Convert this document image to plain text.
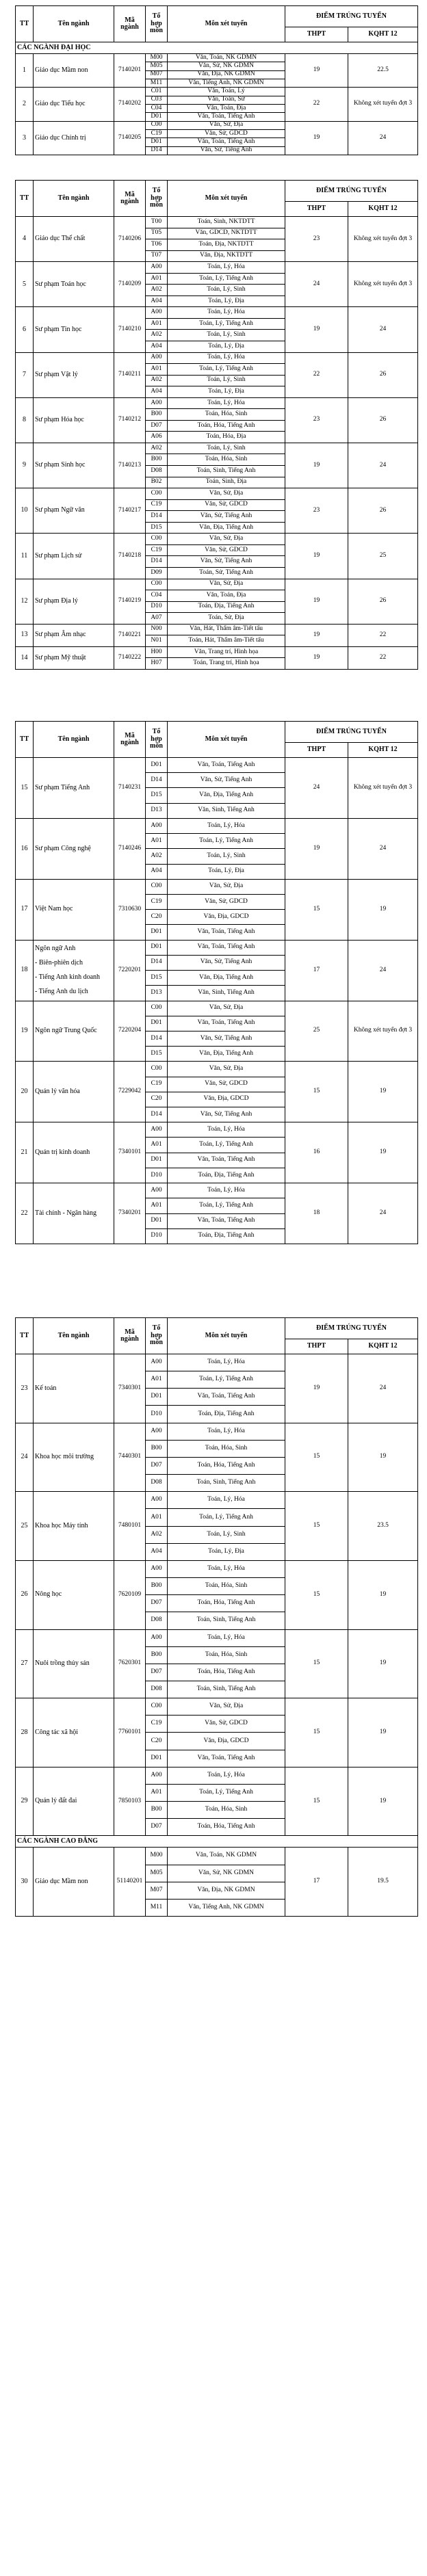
TT	Tên ngành	Mã ngành	Tổ hợp môn	Môn xét tuyển	ĐIỂM TRÚNG TUYỂN	
					THPT	KQHT 12
CÁC NGÀNH ĐẠI HỌC						
1	Giáo dục Mầm non	7140201	M00	Văn, Toán, NK GDMN	19	22.5
			M05	Văn, Sử, NK GDMN		
			M07	Văn, Địa, NK GDMN		
			M11	Văn, Tiếng Anh, NK GDMN		
2	Giáo dục Tiểu học	7140202	C01	Văn, Toán, Lý	22	Không xét tuyển đợt 3
			C03	Văn, Toán, Sử		
			C04	Văn, Toán, Địa		
			D01	Văn, Toán, Tiếng Anh		
3	Giáo dục Chính trị	7140205	C00	Văn, Sử, Địa	19	24
			C19	Văn, Sử, GDCD		
			D01	Văn, Toán, Tiếng Anh		
			D14	Văn, Sử, Tiếng Anh		
TT	Tên ngành	Mã ngành	Tổ hợp môn	Môn xét tuyển	ĐIỂM TRÚNG TUYỂN	
					THPT	KQHT 12
4	Giáo dục Thể chất	7140206	T00	Toán, Sinh, NKTDTT	23	Không xét tuyển đợt 3
			T05	Văn, GDCD, NKTDTT		
			T06	Toán, Địa, NKTDTT		
			T07	Văn, Địa, NKTDTT		
5	Sư phạm Toán học	7140209	A00	Toán, Lý, Hóa	24	Không xét tuyển đợt 3
			A01	Toán, Lý, Tiếng Anh		
			A02	Toán, Lý, Sinh		
			A04	Toán, Lý, Địa		
6	Sư phạm Tin học	7140210	A00	Toán, Lý, Hóa	19	24
			A01	Toán, Lý, Tiếng Anh		
			A02	Toán, Lý, Sinh		
			A04	Toán, Lý, Địa		
7	Sư phạm Vật lý	7140211	A00	Toán, Lý, Hóa	22	26
			A01	Toán, Lý, Tiếng Anh		
			A02	Toán, Lý, Sinh		
			A04	Toán, Lý, Địa		
8	Sư phạm Hóa học	7140212	A00	Toán, Lý, Hóa	23	26
			B00	Toán, Hóa, Sinh		
			D07	Toán, Hóa, Tiếng Anh		
			A06	Toán, Hóa, Địa		
9	Sư phạm Sinh học	7140213	A02	Toán, Lý, Sinh	19	24
			B00	Toán, Hóa, Sinh		
			D08	Toán, Sinh, Tiếng Anh		
			B02	Toán, Sinh, Địa		
10	Sư phạm Ngữ văn	7140217	C00	Văn, Sử, Địa	23	26
			C19	Văn, Sử, GDCD		
			D14	Văn, Sử, Tiếng Anh		
			D15	Văn, Địa, Tiếng Anh		
11	Sư phạm Lịch sử	7140218	C00	Văn, Sử, Địa	19	25
			C19	Văn, Sử, GDCD		
			D14	Văn, Sử, Tiếng Anh		
			D09	Toán, Sử, Tiếng Anh		
12	Sư phạm Địa lý	7140219	C00	Văn, Sử, Địa	19	26
			C04	Văn, Toán, Địa		
			D10	Toán, Địa, Tiếng Anh		
			A07	Toán, Sử, Địa		
13	Sư phạm Âm nhạc	7140221	N00	Văn, Hát, Thẩm âm-Tiết tấu	19	22
			N01	Toán, Hát, Thẩm âm-Tiết tấu		
14	Sư phạm Mỹ thuật	7140222	H00	Văn, Trang trí, Hình họa	19	22
			H07	Toán, Trang trí, Hình họa		
TT	Tên ngành	Mã ngành	Tổ hợp môn	Môn xét tuyển	ĐIỂM TRÚNG TUYỂN	
					THPT	KQHT 12
15	Sư phạm Tiếng Anh	7140231	D01	Văn, Toán, Tiếng Anh	24	Không xét tuyển đợt 3
			D14	Văn, Sử, Tiếng Anh		
			D15	Văn, Địa, Tiếng Anh		
			D13	Văn, Sinh, Tiếng Anh		
16	Sư phạm Công nghệ	7140246	A00	Toán, Lý, Hóa	19	24
			A01	Toán, Lý, Tiếng Anh		
			A02	Toán, Lý, Sinh		
			A04	Toán, Lý, Địa		
17	Việt Nam học	7310630	C00	Văn, Sử, Địa	15	19
			C19	Văn, Sử, GDCD		
			C20	Văn, Địa, GDCD		
			D01	Văn, Toán, Tiếng Anh		
18	Ngôn ngữ Anh

- Biên-phiên dịch

- Tiếng Anh kinh doanh

- Tiếng Anh du lịch	7220201	D01	Văn, Toán, Tiếng Anh	17	24
			D14	Văn, Sử, Tiếng Anh		
			D15	Văn, Địa, Tiếng Anh		
			D13	Văn, Sinh, Tiếng Anh		
19	Ngôn ngữ Trung Quốc	7220204	C00	Văn, Sử, Địa	25	Không xét tuyển đợt 3
			D01	Văn, Toán, Tiếng Anh		
			D14	Văn, Sử, Tiếng Anh		
			D15	Văn, Địa, Tiếng Anh		
20	Quản lý văn hóa	7229042	C00	Văn, Sử, Địa	15	19
			C19	Văn, Sử, GDCD		
			C20	Văn, Địa, GDCD		
			D14	Văn, Sử, Tiếng Anh		
21	Quản trị kinh doanh	7340101	A00	Toán, Lý, Hóa	16	19
			A01	Toán, Lý, Tiếng Anh		
			D01	Văn, Toán, Tiếng Anh		
			D10	Toán, Địa, Tiếng Anh		
22	Tài chính - Ngân hàng	7340201	A00	Toán, Lý, Hóa	18	24
			A01	Toán, Lý, Tiếng Anh		
			D01	Văn, Toán, Tiếng Anh		
			D10	Toán, Địa, Tiếng Anh		
TT	Tên ngành	Mã ngành	Tổ hợp môn	Môn xét tuyển	ĐIỂM TRÚNG TUYỂN	
					THPT	KQHT 12
23	Kế toán	7340301	A00	Toán, Lý, Hóa	19	24
			A01	Toán, Lý, Tiếng Anh		
			D01	Văn, Toán, Tiếng Anh		
			D10	Toán, Địa, Tiếng Anh		
24	Khoa học môi trường	7440301	A00	Toán, Lý, Hóa	15	19
			B00	Toán, Hóa, Sinh		
			D07	Toán, Hóa, Tiếng Anh		
			D08	Toán, Sinh, Tiếng Anh		
25	Khoa học Máy tính	7480101	A00	Toán, Lý, Hóa	15	23.5
			A01	Toán, Lý, Tiếng Anh		
			A02	Toán, Lý, Sinh		
			A04	Toán, Lý, Địa		
26	Nông học	7620109	A00	Toán, Lý, Hóa	15	19
			B00	Toán, Hóa, Sinh		
			D07	Toán, Hóa, Tiếng Anh		
			D08	Toán, Sinh, Tiếng Anh		
27	Nuôi trồng thủy sản	7620301	A00	Toán, Lý, Hóa	15	19
			B00	Toán, Hóa, Sinh		
			D07	Toán, Hóa, Tiếng Anh		
			D08	Toán, Sinh, Tiếng Anh		
28	Công tác xã hội	7760101	C00	Văn, Sử, Địa	15	19
			C19	Văn, Sử, GDCD		
			C20	Văn, Địa, GDCD		
			D01	Văn, Toán, Tiếng Anh		
29	Quản lý đất đai	7850103	A00	Toán, Lý, Hóa	15	19
			A01	Toán, Lý, Tiếng Anh		
			B00	Toán, Hóa, Sinh		
			D07	Toán, Hóa, Tiếng Anh		
CÁC NGÀNH CAO ĐẲNG						
30	Giáo dục Mầm non	51140201	M00	Văn, Toán, NK GDMN	17	19.5
			M05	Văn, Sử, NK GDMN		
			M07	Văn, Địa, NK GDMN		
			M11	Văn, Tiếng Anh, NK GDMN		
